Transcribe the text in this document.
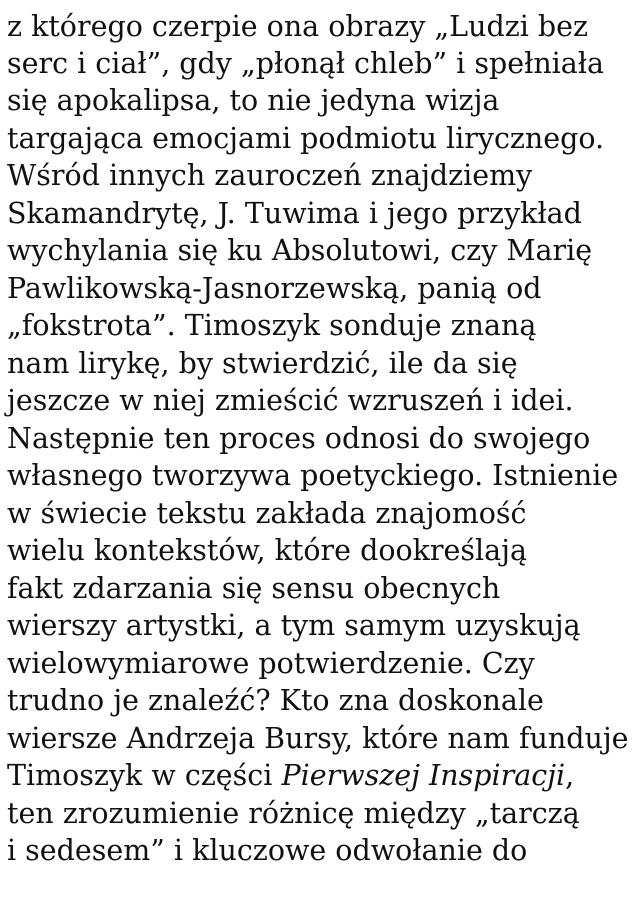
z którego czerpie ona obrazy „Ludzi bez
serc i ciał”, gdy „płonął chleb” i spełniała
się apokalipsa, to nie jedyna wizja
targająca emocjami podmiotu lirycznego.
Wśród innych zauroczeń znajdziemy
Skamandrytę, J. Tuwima i jego przykład
wychylania się ku Absolutowi, czy Marię
Pawlikowską-Jasnorzewską, panią od
„fokstrota”. Timoszyk sonduje znaną
nam lirykę, by stwierdzić, ile da się
jeszcze w niej zmieścić wzruszeń i idei.
Następnie ten proces odnosi do swojego
własnego tworzywa poetyckiego. Istnienie
w świecie tekstu zakłada znajomość
wielu kontekstów, które dookreślają
fakt zdarzania się sensu obecnych
wierszy artystki, a tym samym uzyskują
wielowymiarowe potwierdzenie. Czy
trudno je znaleźć? Kto zna doskonale
wiersze Andrzeja Bursy, które nam funduje
Timoszyk w części Pierwszej Inspiracji,
ten zrozumienie różnicę między „tarczą
i sedesem” i kluczowe odwołanie do
